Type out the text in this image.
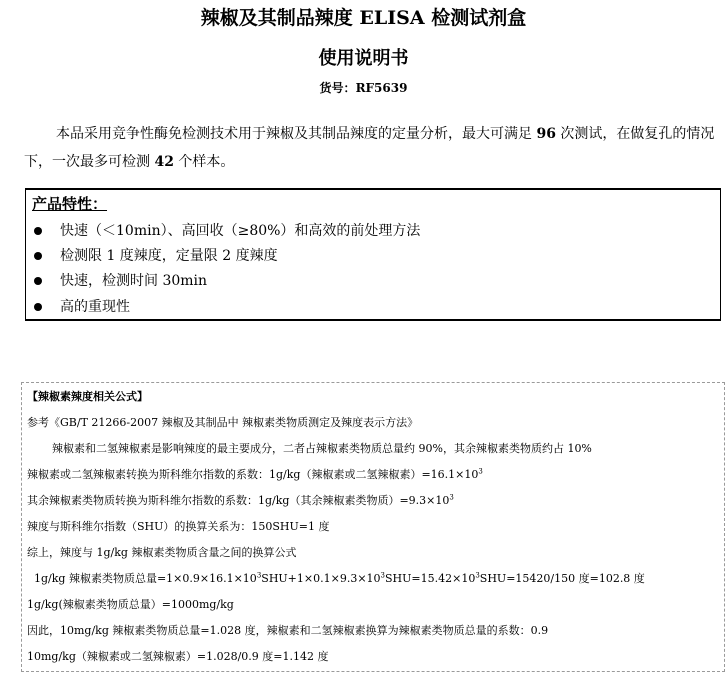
辣椒及其制品辣度 ELISA 检测试剂盒
使用说明书
货号：RF5639
本品采用竞争性酶免检测技术用于辣椒及其制品辣度的定量分析，最大可满足 96 次测试，在做复孔的情况下，一次最多可检测 42 个样本。
产品特性：
快速（＜10min）、高回收（≥80%）和高效的前处理方法
检测限 1 度辣度，定量限 2 度辣度
快速，检测时间 30min
高的重现性
【辣椒素辣度相关公式】
参考《GB/T 21266-2007 辣椒及其制品中 辣椒素类物质测定及辣度表示方法》
辣椒素和二氢辣椒素是影响辣度的最主要成分，二者占辣椒素类物质总量约 90%，其余辣椒素类物质约占 10%
辣椒素或二氢辣椒素转换为斯科维尔指数的系数：1g/kg（辣椒素或二氢辣椒素）$=16.1\times 10^3$
其余辣椒素类物质转换为斯科维尔指数的系数：1g/kg（其余辣椒素类物质）$=9.3\times 10^3$
辣度与斯科维尔指数（SHU）的换算关系为：150SHU=1 度
综上，辣度与 1g/kg 辣椒素类物质含量之间的换算公式
1g/kg 辣椒素类物质总量$=1\times 0.9\times 16.1\times 10^3SHU+1\times 0.1\times 9.3\times 10^3SHU=15.42\times 10^3SHU=15420/150$ 度=102.8 度
1g/kg(辣椒素类物质总量）=1000mg/kg
因此，10mg/kg 辣椒素类物质总量=1.028 度，辣椒素和二氢辣椒素换算为辣椒素类物质总量的系数：0.9
10mg/kg（辣椒素或二氢辣椒素）=1.028/0.9 度=1.142 度
